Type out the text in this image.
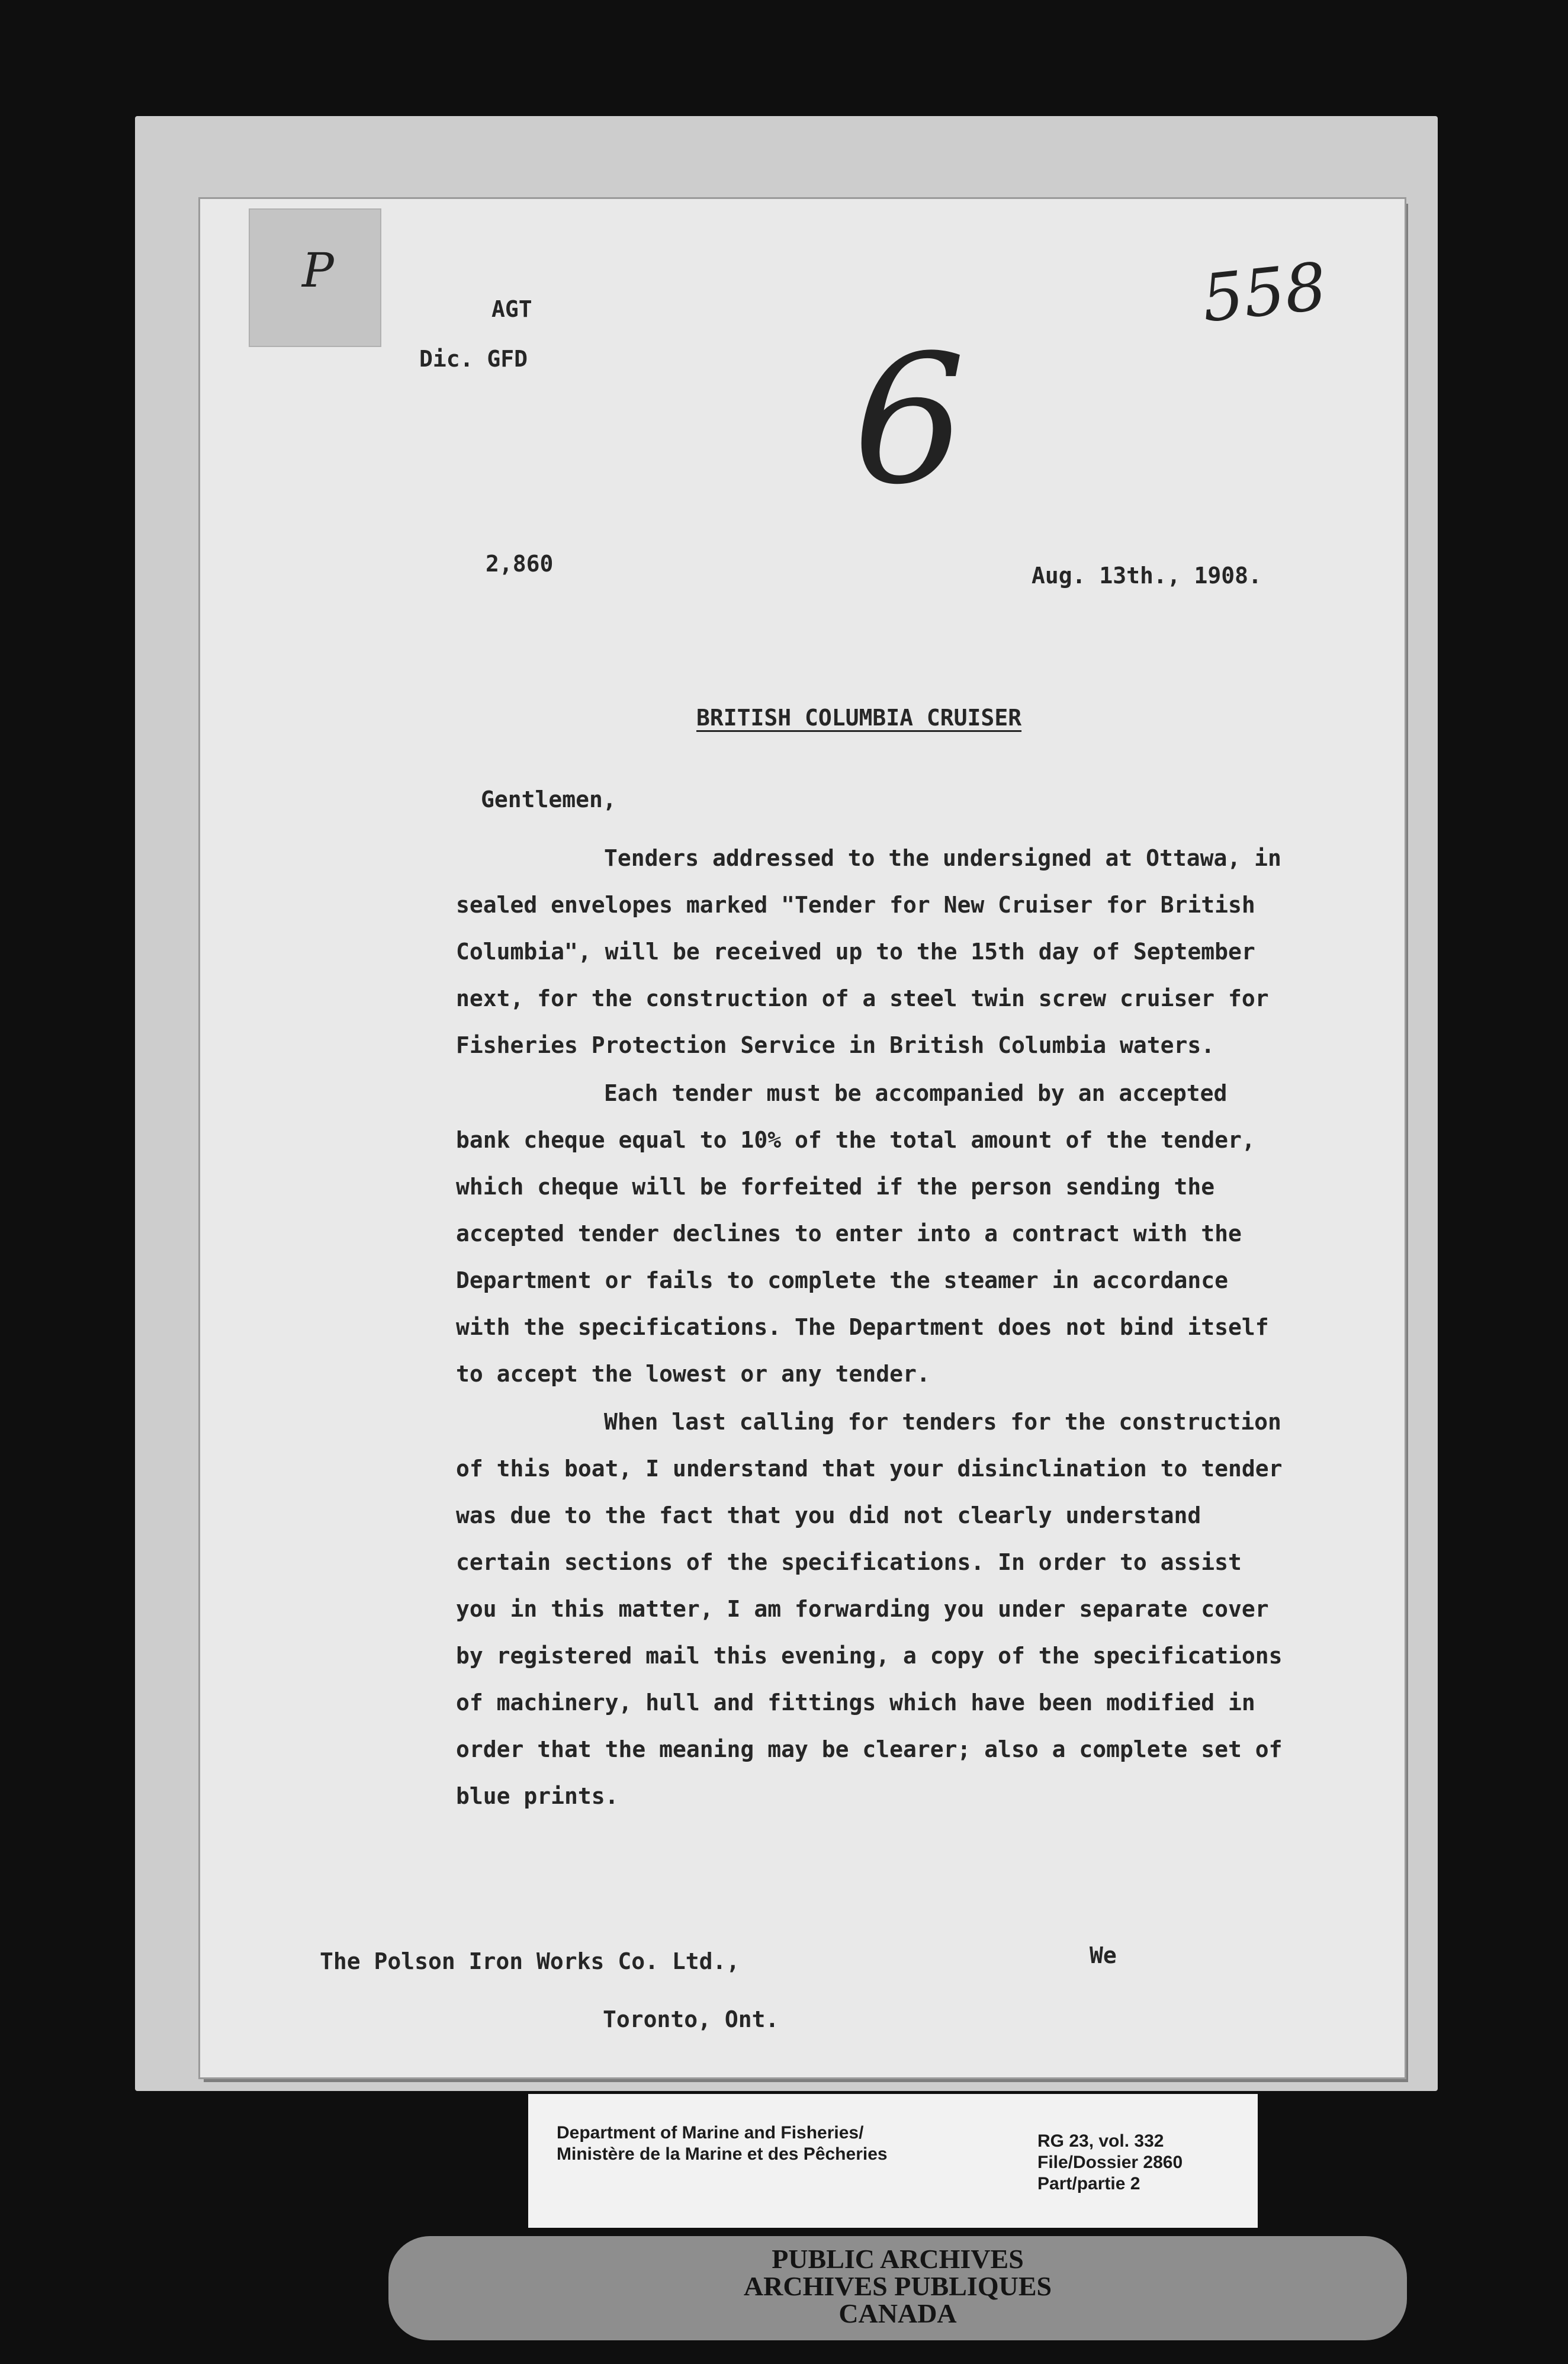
P	558
6
AGT
Dic. GFD
2,860	Aug. 13th., 1908.
BRITISH COLUMBIA CRUISER
Gentlemen,

Tenders addressed to the undersigned at Ottawa, in sealed envelopes marked "Tender for New Cruiser for British Columbia", will be received up to the 15th day of September next, for the construction of a steel twin screw cruiser for Fisheries Protection Service in British Columbia waters.

Each tender must be accompanied by an accepted bank cheque equal to 10% of the total amount of the tender, which cheque will be forfeited if the person sending the accepted tender declines to enter into a contract with the Department or fails to complete the steamer in accordance with the specifications. The Department does not bind itself to accept the lowest or any tender.

When last calling for tenders for the construction of this boat, I understand that your disinclination to tender was due to the fact that you did not clearly understand certain sections of the specifications. In order to assist you in this matter, I am forwarding you under separate cover by registered mail this evening, a copy of the specifications of machinery, hull and fittings which have been modified in order that the meaning may be clearer; also a complete set of blue prints.

We
The Polson Iron Works Co. Ltd.,
Toronto, Ont.
Department of Marine and Fisheries/
Ministère de la Marine et des Pêcheries
RG 23, vol. 332
File/Dossier 2860
Part/partie 2
PUBLIC ARCHIVES
ARCHIVES PUBLIQUES
CANADA
